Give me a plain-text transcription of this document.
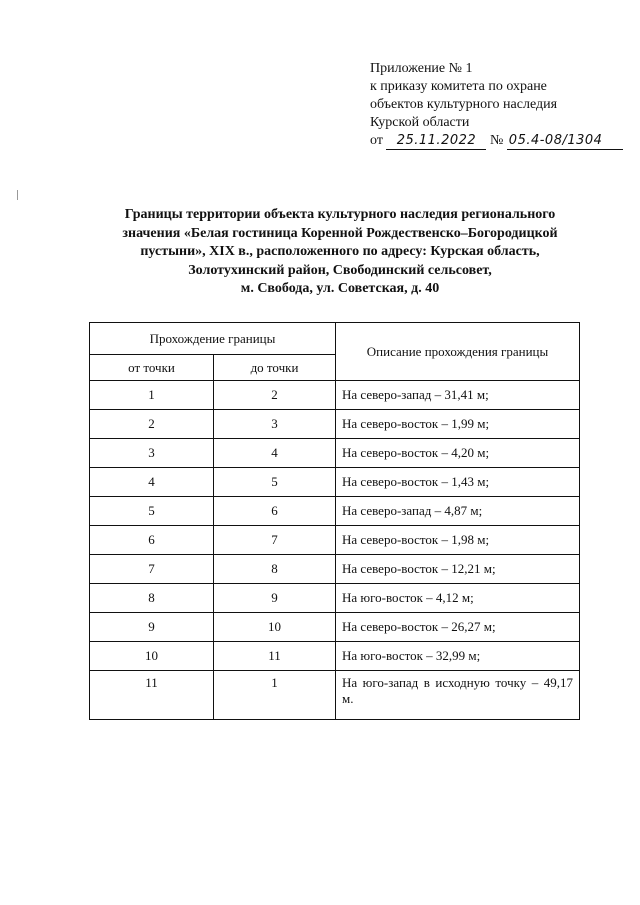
Приложение № 1
к приказу комитета по охране
объектов культурного наследия
Курской области
от 25.11.2022 № 05.4-08/1304
Границы территории объекта культурного наследия регионального
значения «Белая гостиница Коренной Рождественско–Богородицкой
пустыни», XIX в., расположенного по адресу: Курская область,
Золотухинский район, Свободинский сельсовет,
м. Свобода, ул. Советская, д. 40
Прохождение границы		Описание прохождения границы
от точки	до точки	
1	2	На северо-запад – 31,41 м;
2	3	На северо-восток – 1,99 м;
3	4	На северо-восток – 4,20 м;
4	5	На северо-восток – 1,43 м;
5	6	На северо-запад – 4,87 м;
6	7	На северо-восток – 1,98 м;
7	8	На северо-восток – 12,21 м;
8	9	На юго-восток – 4,12 м;
9	10	На северо-восток – 26,27 м;
10	11	На юго-восток – 32,99 м;
11	1	На юго-запад в исходную точку – 49,17 м.
